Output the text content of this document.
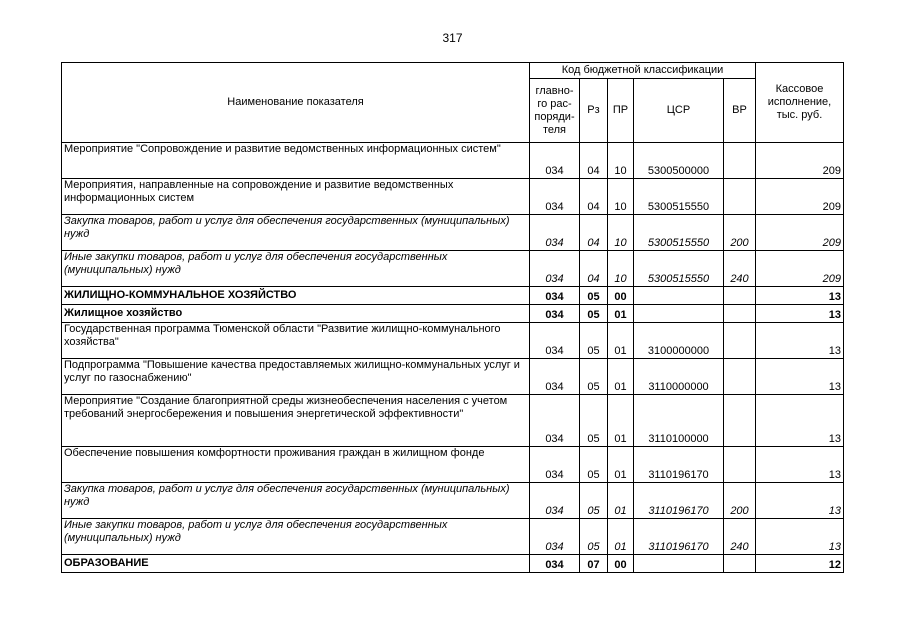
317
Наименование показателя	Код бюджетной классификации					Кассовое исполнение, тыс. руб.
	главно-го рас-поряди-теля	Рз	ПР	ЦСР	ВР	
Мероприятие "Сопровождение и развитие ведомственных информационных систем"	034	04	10	5300500000		209
Мероприятия, направленные на сопровождение и развитие ведомственных информационных систем	034	04	10	5300515550		209
Закупка товаров, работ и услуг для обеспечения государственных (муниципальных) нужд	034	04	10	5300515550	200	209
Иные закупки товаров, работ и услуг для обеспечения государственных (муниципальных) нужд	034	04	10	5300515550	240	209
ЖИЛИЩНО-КОММУНАЛЬНОЕ ХОЗЯЙСТВО	034	05	00			13
Жилищное хозяйство	034	05	01			13
Государственная программа Тюменской области "Развитие жилищно-коммунального хозяйства"	034	05	01	3100000000		13
Подпрограмма "Повышение качества предоставляемых жилищно-коммунальных услуг и услуг по газоснабжению"	034	05	01	3110000000		13
Мероприятие "Создание благоприятной среды жизнеобеспечения населения с учетом требований энергосбережения и повышения энергетической эффективности"	034	05	01	3110100000		13
Обеспечение повышения комфортности проживания граждан в жилищном фонде	034	05	01	3110196170		13
Закупка товаров, работ и услуг для обеспечения государственных (муниципальных) нужд	034	05	01	3110196170	200	13
Иные закупки товаров, работ и услуг для обеспечения государственных (муниципальных) нужд	034	05	01	3110196170	240	13
ОБРАЗОВАНИЕ	034	07	00			12
